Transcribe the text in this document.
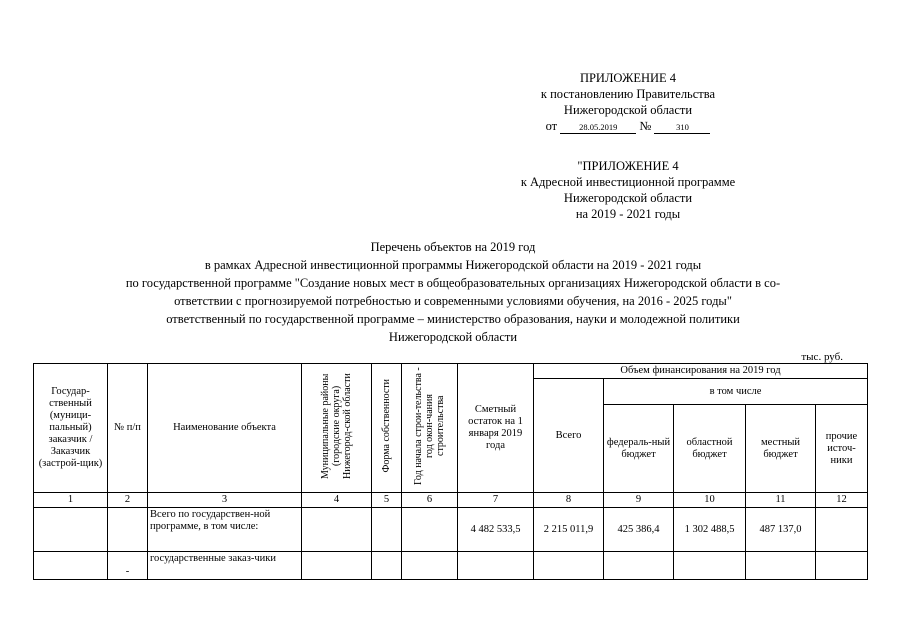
ПРИЛОЖЕНИЕ 4
к постановлению Правительства
Нижегородской области
от	28.05.2019 №	310
"ПРИЛОЖЕНИЕ 4
к Адресной инвестиционной программе
Нижегородской области
на 2019 - 2021 годы
Перечень объектов на 2019 год
в рамках Адресной инвестиционной программы Нижегородской области на 2019 - 2021 годы
по государственной программе "Создание новых мест в общеобразовательных организациях Нижегородской области в со-
ответствии с прогнозируемой потребностью и современными условиями обучения, на 2016 - 2025 годы"
ответственный по государственной программе – министерство образования, науки и молодежной политики
Нижегородской области
тыс. руб.
Государ-ственный (муници-пальный) заказчик / Заказчик (застрой-щик)	№ п/п	Наименование объекта	Муниципальные районы (городские округа) Нижегород-ской области	Форма собственности	Год начала строи-тельства - год окон-чания строительства	Сметный остаток на 1 января 2019 года	Объем финансирования на 2019 год				
							Всего	в том числе			
								федераль-ный бюджет	областной бюджет	местный бюджет	прочие источ-ники
1	2	3	4	5	6	7	8	9	10	11	12
		Всего по государствен-ной программе, в том числе:				4 482 533,5	2 215 011,9	425 386,4	1 302 488,5	487 137,0	
	-	государственные заказ-чики									
